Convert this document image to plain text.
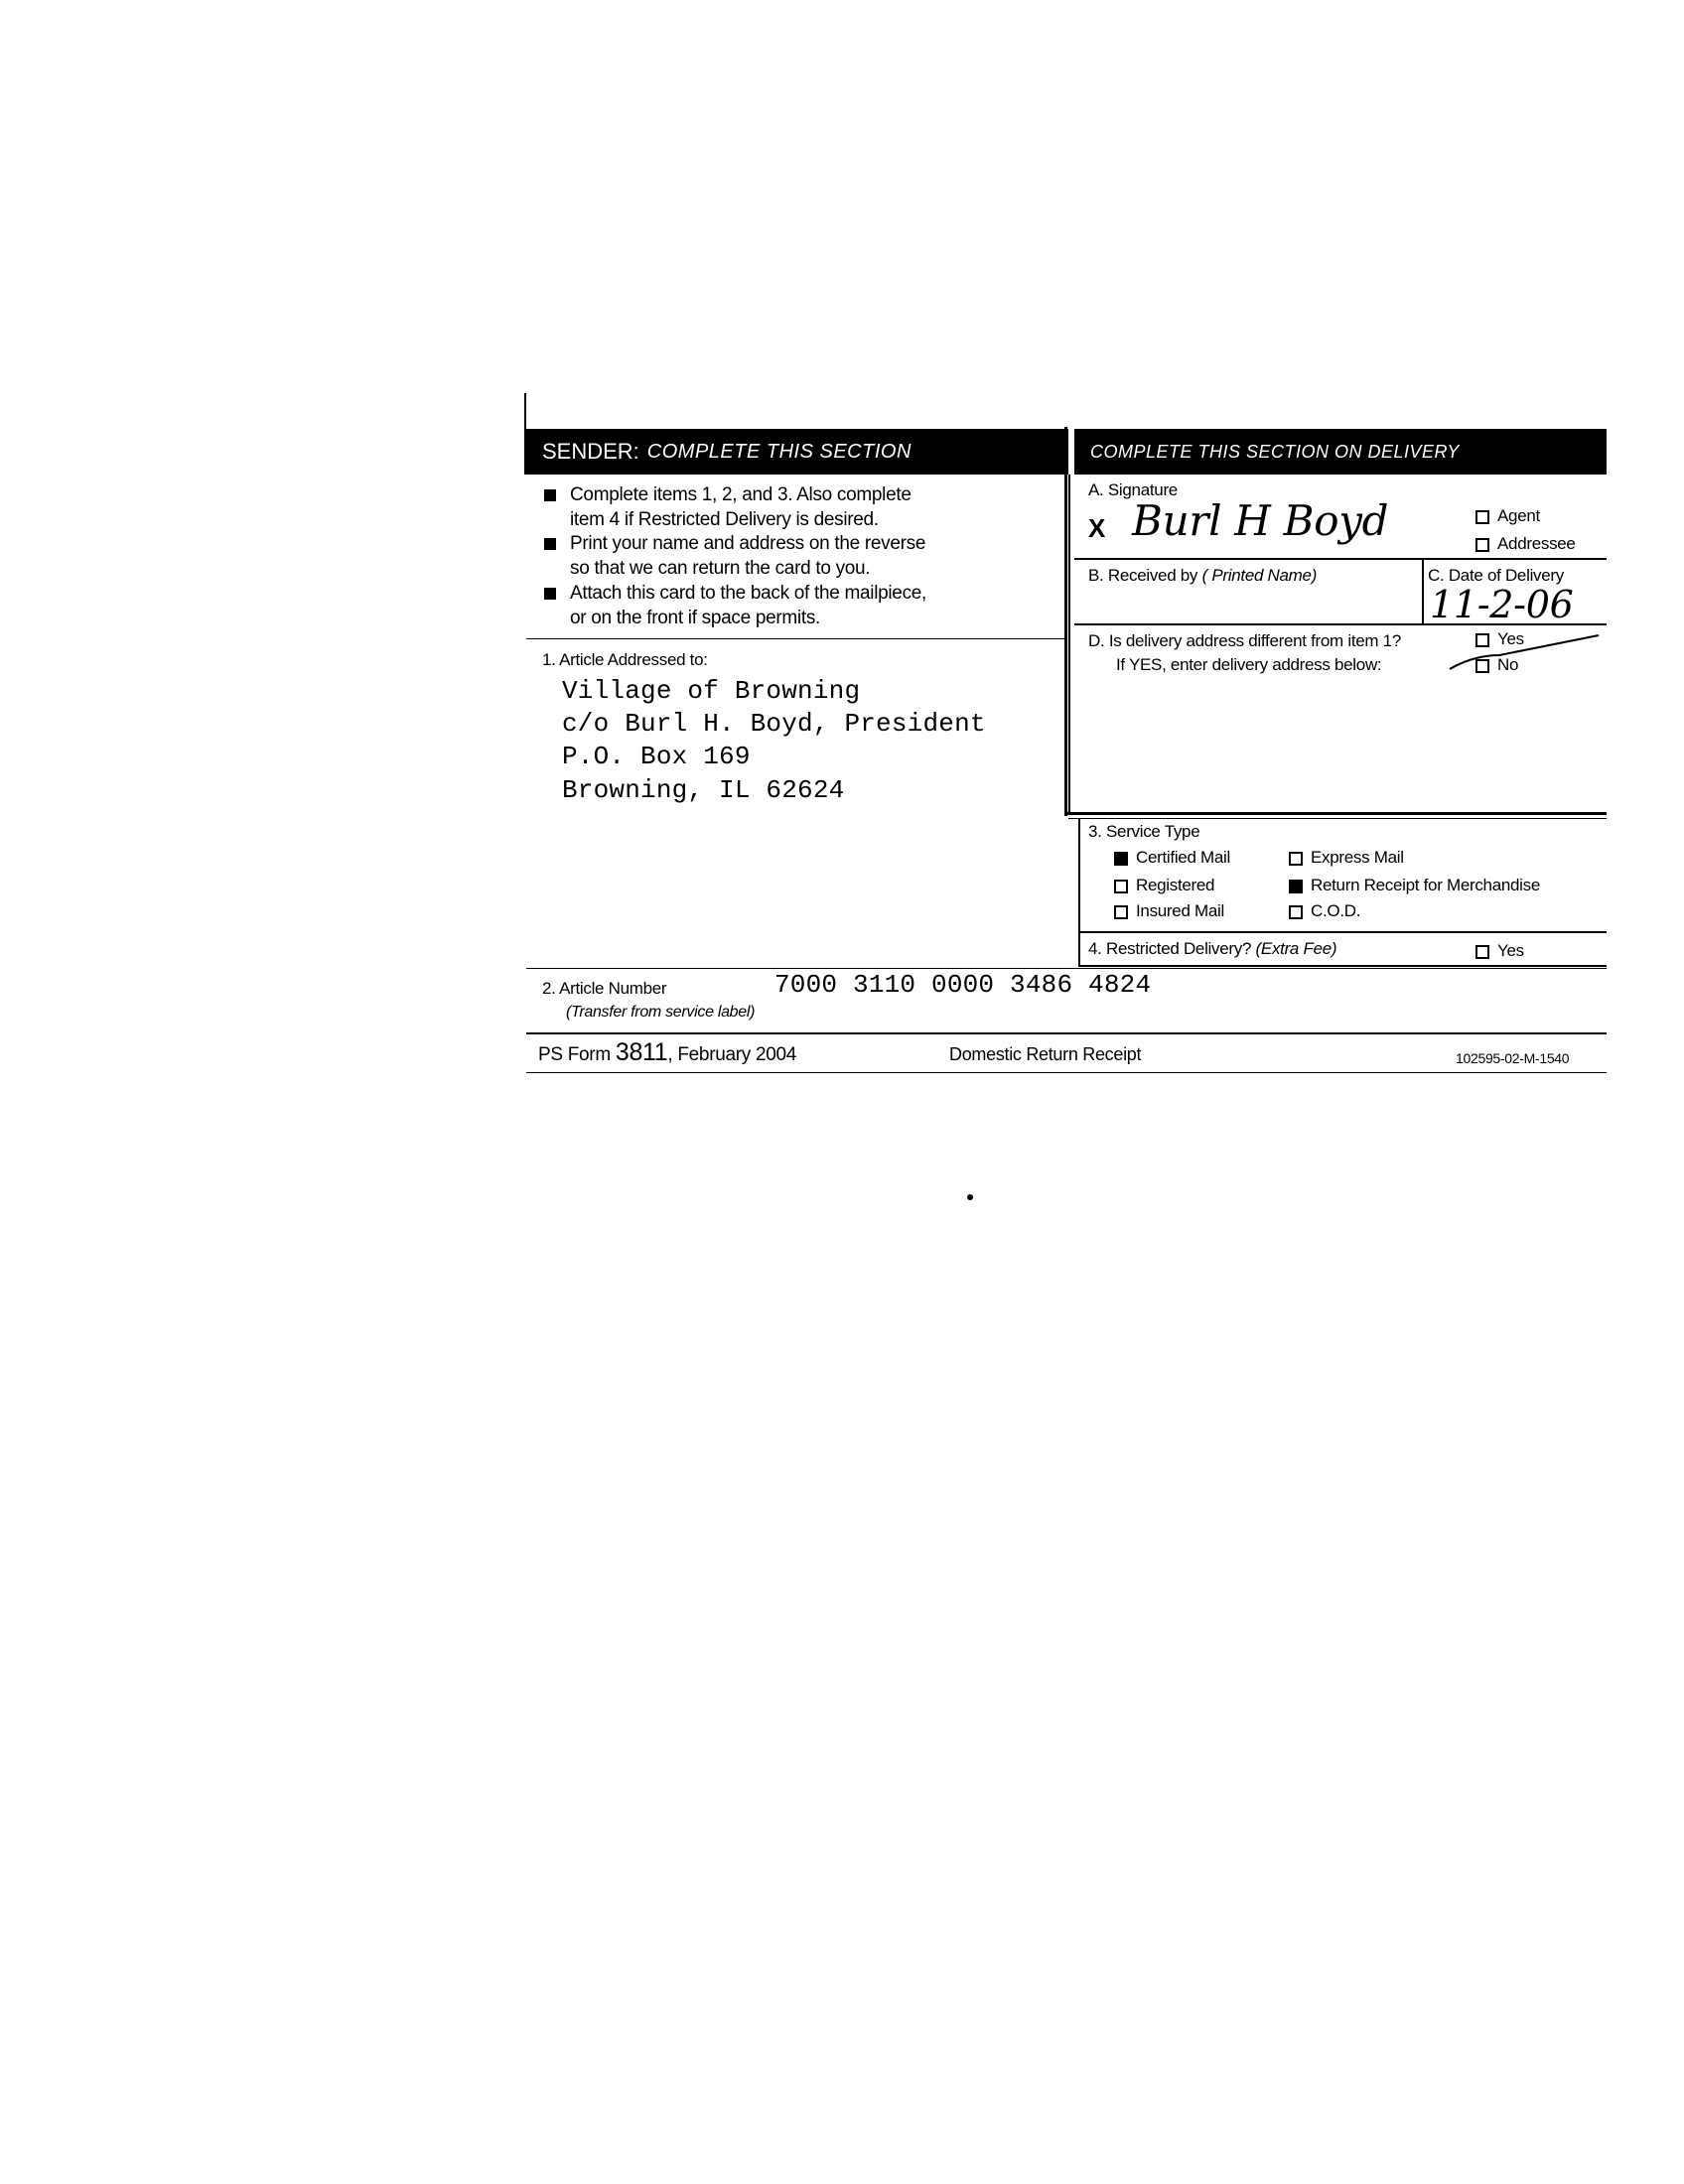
SENDER: COMPLETE THIS SECTION	COMPLETE THIS SECTION ON DELIVERY
Complete items 1, 2, and 3. Also complete
item 4 if Restricted Delivery is desired.
Print your name and address on the reverse
so that we can return the card to you.
Attach this card to the back of the mailpiece,
or on the front if space permits.
1. Article Addressed to:
Village of Browning
c/o Burl H. Boyd, President
P.O. Box 169
Browning, IL 62624
A. Signature
X Burl H Boyd	Agent
Addressee
B. Received by ( Printed Name)	C. Date of Delivery
11-2-06
D. Is delivery address different from item 1?	Yes
If YES, enter delivery address below:	No
3. Service Type
Certified Mail	Express Mail
Registered	Return Receipt for Merchandise
Insured Mail	C.O.D.
4. Restricted Delivery? (Extra Fee)	Yes
2. Article Number
(Transfer from service label)
7000 3110 0000 3486 4824
PS Form 3811, February 2004	Domestic Return Receipt	102595-02-M-1540
